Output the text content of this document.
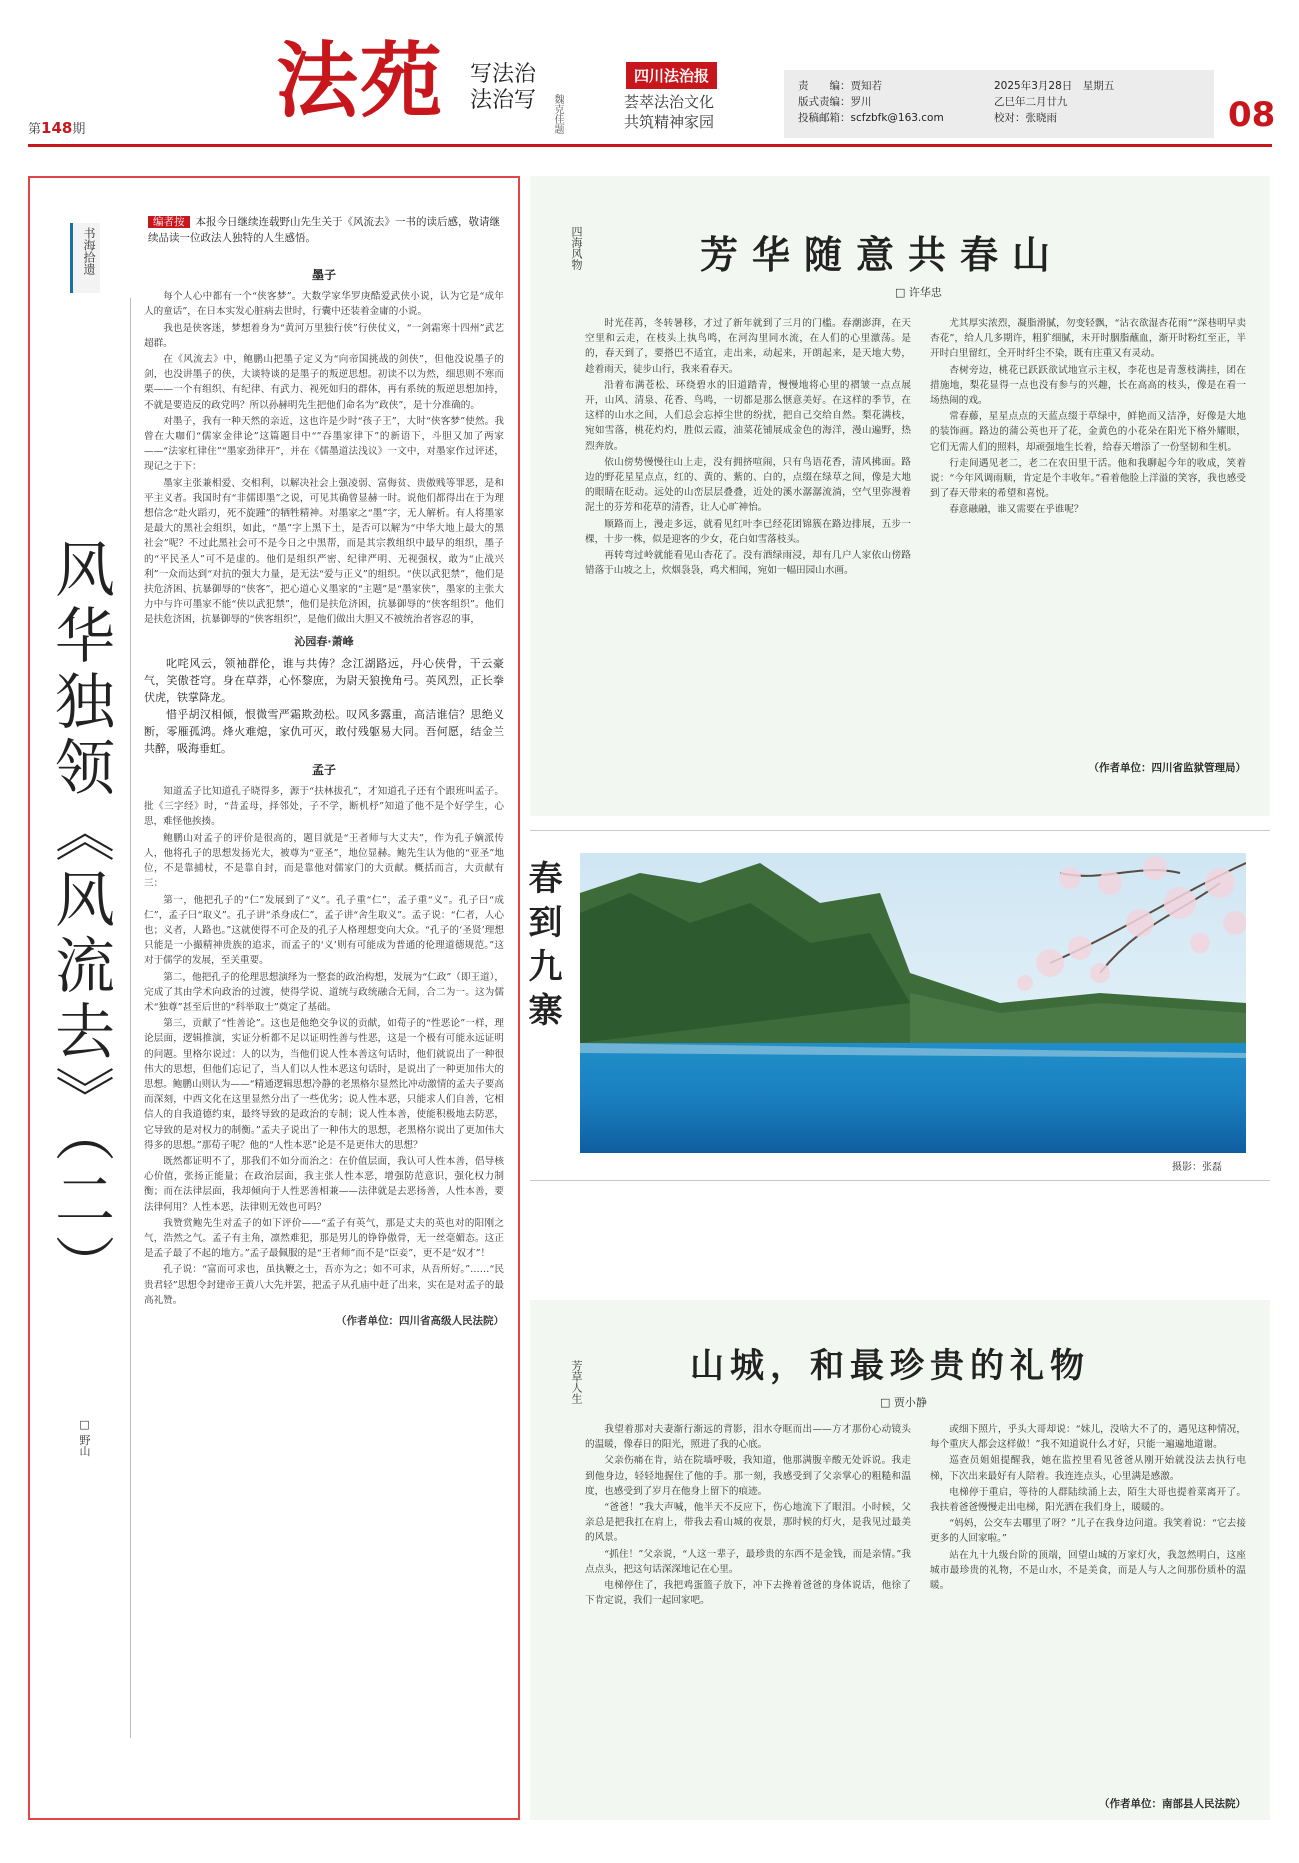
第148期
法苑 写法治 法治写	魏克佳题
四川法治报
荟萃法治文化
共筑精神家园
责　　编：贾知若
版式责编：罗川
投稿邮箱：scfzbfk@163.com
2025年3月28日　星期五
乙巳年二月廿九
校对：张晓雨	08
书海拾遗
编者按 本报今日继续连载野山先生关于《风流去》一书的读后感，敬请继续品读一位政法人独特的人生感悟。
风华独领《风流去》（二）
□ 野山
墨子

每个人心中都有一个“侠客梦”。大数学家华罗庚酷爱武侠小说，认为它是“成年人的童话”，在日本实发心脏病去世时，行囊中还装着金庸的小说。

我也是侠客迷，梦想着身为“黄河万里独行侠”行侠仗义，“一剑霜寒十四州”武艺超群。

在《风流去》中，鲍鹏山把墨子定义为“向帝国挑战的剑侠”，但他没说墨子的剑，也没讲墨子的侠，大谈特谈的是墨子的叛逆思想。初读不以为然，细思则不寒而栗——一个有组织、有纪律、有武力、视死如归的群体，再有系统的叛逆思想加持，不就是要造反的政党吗？所以孙赫明先生把他们命名为“政侠”，是十分准确的。

对墨子，我有一种天然的亲近，这也许是少时“孩子王”，大时“侠客梦”使然。我曾在大咖们“儒家金律论”这篇题目中“”吞墨家律下”的新语下，斗胆又加了两家——“法家杠律住”“墨家劲律开”，并在《儒墨道法浅议》一文中，对墨家作过评述，现记之于下：

墨家主张兼相爱、交相利，以解决社会上强凌弱、富侮贫、贵傲贱等罪恶，是和平主义者。我国时有“非儒即墨”之说，可见其确曾显赫一时。说他们都得出在于为理想信念“赴火蹈刃，死不旋踵”的牺牲精神。对墨家之“墨”字，无人解析。有人将墨家是最大的黑社会组织，如此，“墨”字上黑下土，是否可以解为“中华大地上最大的黑社会”呢？不过此黑社会可不是今日之中黑帮，而是其宗教组织中最早的组织，墨子的“平民圣人”可不是虚的。他们是组织严密、纪律严明、无视强权，敢为“止战兴利”一众而达到“对抗的强大力量，是无法“爱与正义”的组织。“侠以武犯禁”，他们是扶危济困、抗暴御辱的“侠客”，把心道心义墨家的“主题”是“墨家侠”，墨家的主张大力中与许可墨家不能“侠以武犯禁”，他们是扶危济困，抗暴御辱的“侠客组织”。他们是扶危济困，抗暴御辱的“侠客组织”，是他们做出大胆又不被统治者容忍的事，

沁园春·萧峰

叱咤风云，领袖群伦，谁与共俦？念江湖路远，丹心侠骨，干云豪气，笑傲苍穹。身在草莽，心怀黎庶，为尉天狼挽角弓。英风烈，正长拳伏虎，铁掌降龙。

惜乎胡汉相倾，恨微雪严霜欺劲松。叹风多露重，高洁谁信？思绝义断，零雁孤鸿。烽火难熄，家仇可灭，敢付残躯易大同。吾何愿，结金兰共醉，吸海垂虹。

孟子

知道孟子比知道孔子晓得多，源于“扶林拔孔”，才知道孔子还有个跟班叫孟子。批《三字经》时，“昔孟母，择邻处，子不学，断机杼”知道了他不是个好学生，心思，难怪他挨揍。

鲍鹏山对孟子的评价是很高的，题目就是“王者师与大丈夫”，作为孔子嫡派传人，他将孔子的思想发扬光大，被尊为“亚圣”，地位显赫。鲍先生认为他的“亚圣”地位，不是靠捕杖，不是靠自封，而是靠他对儒家门的大贡献。概括而言，大贡献有三：

第一，他把孔子的“仁”发展到了“义”。孔子重“仁”，孟子重“义”。孔子曰“成仁”，孟子曰“取义”。孔子讲“杀身成仁”，孟子讲“舍生取义”。孟子说：“仁者，人心也；义者，人路也。”这就使得不可企及的孔子人格理想变向大众。“孔子的‘圣贤’理想只能是一小撮精神贵族的追求，而孟子的‘义’则有可能成为普通的伦理道德规范。”这对于儒学的发展，至关重要。

第二，他把孔子的伦理思想演绎为一整套的政治构想，发展为“仁政”（即王道），完成了其由学术向政治的过渡，使得学说、道统与政统融合无间，合二为一。这为儒术“独尊”甚至后世的“科举取士”奠定了基础。

第三，贡献了“性善论”。这也是他绝交争议的贡献，如荀子的“性恶论”一样，理论层面，逻辑推演，实证分析都不足以证明性善与性恶，这是一个极有可能永远证明的问题。里格尔说过：人的以为，当他们说人性本善这句话时，他们就说出了一种很伟大的思想，但他们忘记了，当人们以人性本恶这句话时，是说出了一种更加伟大的思想。鲍鹏山则认为——“精通逻辑思想冷静的老黑格尔显然比冲动激情的孟夫子要高而深刻，中西文化在这里显然分出了一些优劣；说人性本恶，只能求人们自善，它相信人的自我道德约束，最终导致的是政治的专制；说人性本善，使能积极地去防恶，它导致的是对权力的制衡。”孟夫子说出了一种伟大的思想，老黑格尔说出了更加伟大得多的思想。”那荀子呢？他的“人性本恶”论是不是更伟大的思想？

既然都证明不了，那我们不如分而治之：在价值层面，我认可人性本善，倡导核心价值，张扬正能量；在政治层面，我主张人性本恶，增强防范意识，强化权力制衡；而在法律层面，我却倾向于人性恶善相兼——法律就是去恶扬善，人性本善，要法律何用？人性本恶，法律则无效也可吗？

我赞赏鲍先生对孟子的如下评价——“孟子有英气，那是丈夫的英也对的阳刚之气，浩然之气。孟子有主角，凛然难犯，那是男儿的铮铮傲骨，无一丝毫媚态。这正是孟子最了不起的地方。”孟子最佩服的是“王者师”而不是“臣妾”，更不是“奴才”！

孔子说：“富而可求也，虽执鞭之士，吾亦为之；如不可求，从吾所好。”……“民贵君轻”思想令封建帝王黄八大先并罢，把孟子从孔庙中赶了出来，实在是对孟子的最高礼赞。

（作者单位：四川省高级人民法院）
四海风物	芳华随意共春山
□ 许华忠

时光荏苒，冬转暑移，才过了新年就到了三月的门槛。春潮澎湃，在天空里和云走，在枝头上执鸟鸣，在河沟里同水流，在人们的心里激荡。是的，春天到了，要搭巴不适宜，走出来，动起来，开朗起来，是天地大势，趁着雨天，徒步山行，我来看春天。

沿着布满苍松、环绕碧水的旧道踏青，慢慢地将心里的褶皱一点点展开，山风、清泉、花香、鸟鸣，一切都是那么惬意美好。在这样的季节，在这样的山水之间，人们总会忘掉尘世的纷扰，把自己交给自然。梨花满枝，宛如雪落，桃花灼灼，胜似云霞，油菜花铺展成金色的海洋，漫山遍野，热烈奔放。

依山傍势慢慢往山上走，没有拥挤喧闹，只有鸟语花香，清风拂面。路边的野花星星点点，红的、黄的、紫的、白的，点缀在绿草之间，像是大地的眼睛在眨动。远处的山峦层层叠叠，近处的溪水潺潺流淌，空气里弥漫着泥土的芬芳和花草的清香，让人心旷神怡。

顺路而上，漫走多远，就看见红叶李已经花团锦簇在路边排展，五步一棵，十步一株，似是迎客的少女，花白如雪落枝头。

再转弯过岭就能看见山杏花了。没有酒绿雨浸，却有几户人家依山傍路错落于山坡之上，炊烟袅袅，鸡犬相闻，宛如一幅田园山水画。

尤其厚实浓烈，凝脂滑腻，勿变轻飘，“沾衣欲湿杏花雨”“深巷明早卖杏花”，给人几多期许，粗犷细腻，未开时胭脂蘸血，渐开时粉红至正，半开时白里留红，全开时纤尘不染，既有庄重又有灵动。

杏树旁边，桃花已跃跃欲试地宣示主权，李花也是青葱枝满挂，团在措施地，梨花显得一点也没有参与的兴趣，长在高高的枝头，像是在看一场热闹的戏。

常春藤，星星点点的天蓝点缀于草绿中，鲜艳而又洁净，好像是大地的装饰画。路边的蒲公英也开了花，金黄色的小花朵在阳光下格外耀眼，它们无需人们的照料，却顽强地生长着，给春天增添了一份坚韧和生机。

行走间遇见老二，老二在农田里干活。他和我聊起今年的收成，笑着说：“今年风调雨顺，肯定是个丰收年。”看着他脸上洋溢的笑容，我也感受到了春天带来的希望和喜悦。

春意融融，谁又需要在乎谁呢？

（作者单位：四川省监狱管理局）
春到九寨
摄影：张磊
芳草人生	山城，和最珍贵的礼物
□ 贾小静

我望着那对夫妻渐行渐远的背影，泪水夺眶而出——方才那份心动镜头的温暖，像春日的阳光，照进了我的心底。

父亲伤痛在肯，站在院墙呼吸，我知道，他那满腹辛酸无处诉说。我走到他身边，轻轻地握住了他的手。那一刻，我感受到了父亲掌心的粗糙和温度，也感受到了岁月在他身上留下的痕迹。

“爸爸！”我大声喊，他半天不反应下，伤心地流下了眼泪。小时候，父亲总是把我扛在肩上，带我去看山城的夜景，那时候的灯火，是我见过最美的风景。

“抓住！”父亲说，“人这一辈子，最珍贵的东西不是金钱，而是亲情。”我点点头，把这句话深深地记在心里。

电梯停住了，我把鸡蛋篮子放下，冲下去搀着爸爸的身体说话，他徐了下肯定说，我们一起回家吧。

或细下照片，乎头大哥却说：“妹儿，没啥大不了的，遇见这种情况，每个重庆人都会这样做！”我不知道说什么才好，只能一遍遍地道谢。

巡查员姐姐提醒我，她在监控里看见爸爸从刚开始就没法去执行电梯，下次出来最好有人陪着。我连连点头，心里满是感激。

电梯停于重启，等待的人群陆续涌上去，陌生大哥也提着菜离开了。我扶着爸爸慢慢走出电梯，阳光洒在我们身上，暖暖的。

“妈妈，公交车去哪里了呀？”儿子在我身边问道。我笑着说：“它去接更多的人回家啦。”

站在九十九级台阶的顶端，回望山城的万家灯火，我忽然明白，这座城市最珍贵的礼物，不是山水，不是美食，而是人与人之间那份质朴的温暖。

（作者单位：南部县人民法院）
